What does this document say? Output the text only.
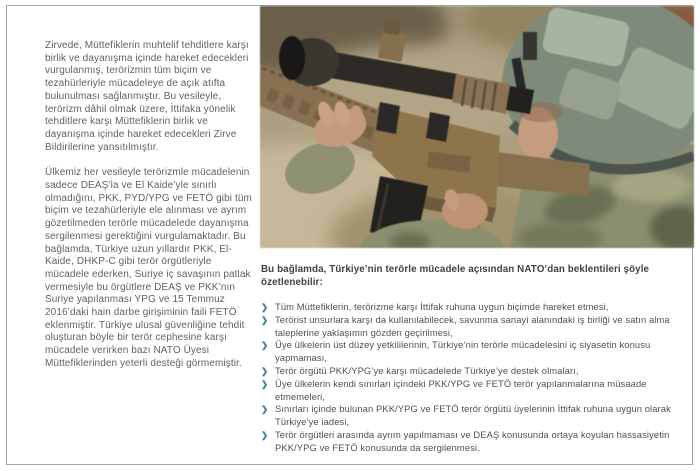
Zirvede, Müttefiklerin muhtelif tehditlere karşı birlik ve dayanışma içinde hareket edecekleri vurgulanmış, terörizmin tüm biçim ve tezahürleriyle mücadeleye de açık atıfta bulunulması sağlanmıştır. Bu vesileyle, terörizm dâhil olmak üzere, İttifaka yönelik tehditlere karşı Müttefiklerin birlik ve dayanışma içinde hareket edecekleri Zirve Bildirilerine yansıtılmıştır.

Ülkemiz her vesileyle terörizmle mücadelenin sadece DEAŞ’la ve El Kaide’yle sınırlı olmadığını, PKK, PYD/YPG ve FETÖ gibi tüm biçim ve tezahürleriyle ele alınması ve ayrım gözetilmeden terörle mücadelede dayanışma sergilenmesi gerektiğini vurgulamaktadır. Bu bağlamda, Türkiye uzun yıllardır PKK, El-Kaide, DHKP-C gibi terör örgütleriyle mücadele ederken, Suriye iç savaşının patlak vermesiyle bu örgütlere DEAŞ ve PKK’nın Suriye yapılanması YPG ve 15 Temmuz 2016’daki hain darbe girişiminin faili FETÖ eklenmiştir. Türkiye ulusal güvenliğine tehdit oluşturan böyle bir terör cephesine karşı mücadele verirken bazı NATO Üyesi Müttefiklerinden yeterli desteği görmemiştir.

Bu bağlamda, Türkiye’nin terörle mücadele açısından NATO’dan beklentileri şöyle özetlenebilir:

❯ Tüm Müttefiklerin, terörizme karşı İttifak ruhuna uygun biçimde hareket etmesi,
❯ Terörist unsurlara karşı da kullanılabilecek, savunma sanayi alanındaki iş birliği ve satın alma taleplerine yaklaşımın gözden geçirilmesi,
❯ Üye ülkelerin üst düzey yetkililerinin, Türkiye’nin terörle mücadelesini iç siyasetin konusu yapmaması,
❯ Terör örgütü PKK/YPG’ye karşı mücadelede Türkiye’ye destek olmaları,
❯ Üye ülkelerin kendi sınırları içindeki PKK/YPG ve FETÖ terör yapılanmalarına müsaade etmemeleri,
❯ Sınırları içinde bulunan PKK/YPG ve FETÖ terör örgütü üyelerinin İttifak ruhuna uygun olarak Türkiye’ye iadesi,
❯ Terör örgütleri arasında ayrım yapılmaması ve DEAŞ konusunda ortaya koyulan hassasiyetin PKK/YPG ve FETÖ konusunda da sergilenmesi.
